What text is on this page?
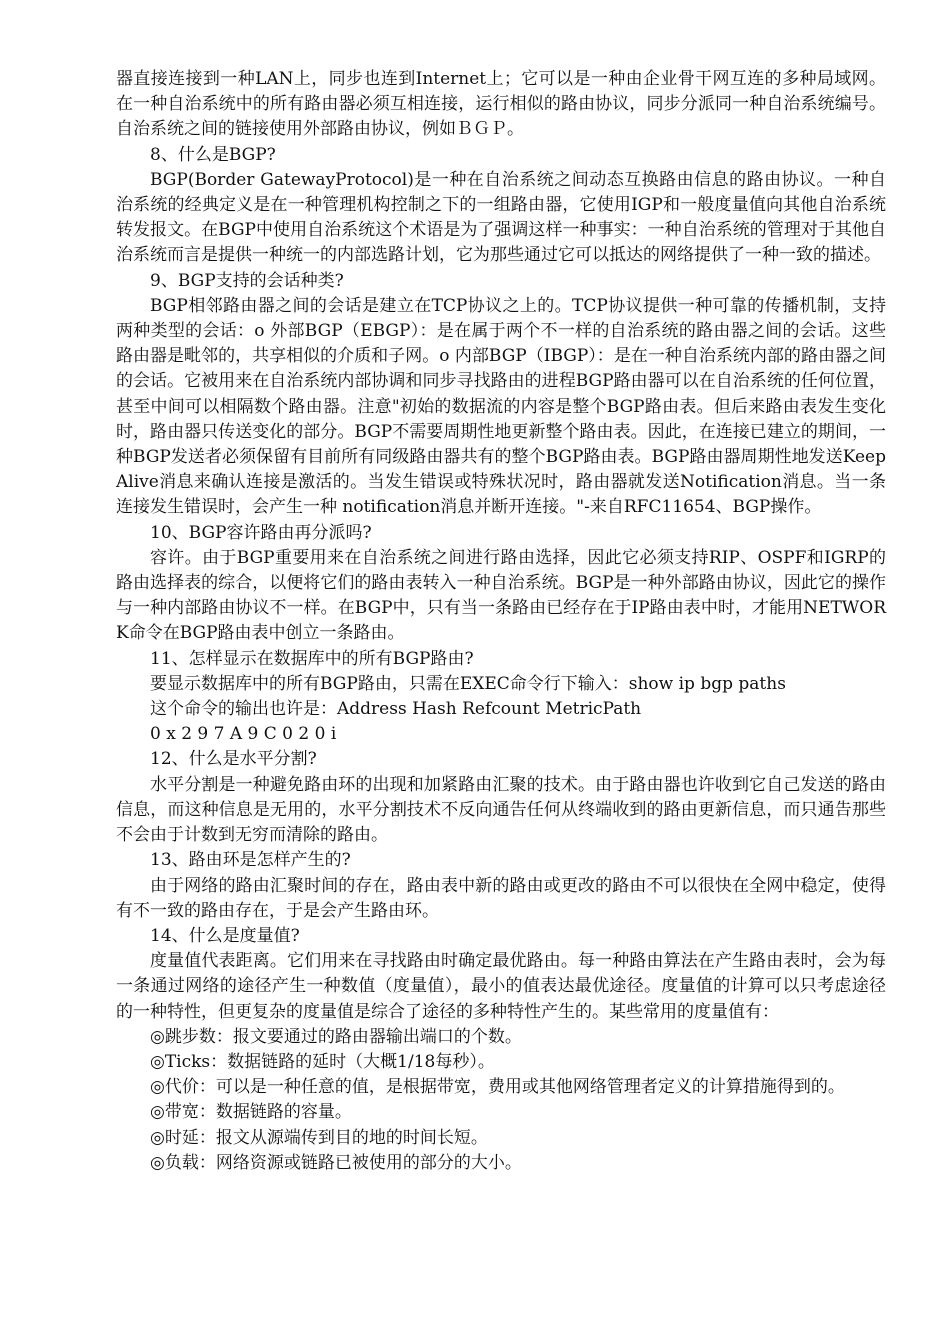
器直接连接到一种LAN上，同步也连到Internet上；它可以是一种由企业骨干网互连的多种局域网。在一种自治系统中的所有路由器必须互相连接，运行相似的路由协议，同步分派同一种自治系统编号。自治系统之间的链接使用外部路由协议，例如ＢＧＰ。

8、什么是BGP?

BGP(Border GatewayProtocol)是一种在自治系统之间动态互换路由信息的路由协议。一种自治系统的经典定义是在一种管理机构控制之下的一组路由器，它使用IGP和一般度量值向其他自治系统转发报文。在BGP中使用自治系统这个术语是为了强调这样一种事实：一种自治系统的管理对于其他自治系统而言是提供一种统一的内部选路计划，它为那些通过它可以抵达的网络提供了一种一致的描述。

9、BGP支持的会话种类?

BGP相邻路由器之间的会话是建立在TCP协议之上的。TCP协议提供一种可靠的传播机制，支持两种类型的会话：o 外部BGP（EBGP）：是在属于两个不一样的自治系统的路由器之间的会话。这些路由器是毗邻的，共享相似的介质和子网。o 内部BGP（IBGP）：是在一种自治系统内部的路由器之间的会话。它被用来在自治系统内部协调和同步寻找路由的进程BGP路由器可以在自治系统的任何位置，甚至中间可以相隔数个路由器。注意"初始的数据流的内容是整个BGP路由表。但后来路由表发生变化时，路由器只传送变化的部分。BGP不需要周期性地更新整个路由表。因此，在连接已建立的期间，一种BGP发送者必须保留有目前所有同级路由器共有的整个BGP路由表。BGP路由器周期性地发送Keep Alive消息来确认连接是激活的。当发生错误或特殊状况时，路由器就发送Notification消息。当一条连接发生错误时，会产生一种 notification消息并断开连接。"-来自RFC11654、BGP操作。

10、BGP容许路由再分派吗?

容许。由于BGP重要用来在自治系统之间进行路由选择，因此它必须支持RIP、OSPF和IGRP的路由选择表的综合，以便将它们的路由表转入一种自治系统。BGP是一种外部路由协议，因此它的操作与一种内部路由协议不一样。在BGP中，只有当一条路由已经存在于IP路由表中时，才能用NETWORK命令在BGP路由表中创立一条路由。

11、怎样显示在数据库中的所有BGP路由?

要显示数据库中的所有BGP路由，只需在EXEC命令行下输入：show ip bgp paths

这个命令的输出也许是：Address Hash Refcount MetricPath

0 x 2 9 7 A 9 C 0 2 0 i

12、什么是水平分割?

水平分割是一种避免路由环的出现和加紧路由汇聚的技术。由于路由器也许收到它自己发送的路由信息，而这种信息是无用的，水平分割技术不反向通告任何从终端收到的路由更新信息，而只通告那些不会由于计数到无穷而清除的路由。

13、路由环是怎样产生的?

由于网络的路由汇聚时间的存在，路由表中新的路由或更改的路由不可以很快在全网中稳定，使得有不一致的路由存在，于是会产生路由环。

14、什么是度量值?

度量值代表距离。它们用来在寻找路由时确定最优路由。每一种路由算法在产生路由表时，会为每一条通过网络的途径产生一种数值（度量值），最小的值表达最优途径。度量值的计算可以只考虑途径的一种特性，但更复杂的度量值是综合了途径的多种特性产生的。某些常用的度量值有：

◎跳步数：报文要通过的路由器输出端口的个数。

◎Ticks：数据链路的延时（大概1/18每秒）。

◎代价：可以是一种任意的值，是根据带宽，费用或其他网络管理者定义的计算措施得到的。

◎带宽：数据链路的容量。

◎时延：报文从源端传到目的地的时间长短。

◎负载：网络资源或链路已被使用的部分的大小。
